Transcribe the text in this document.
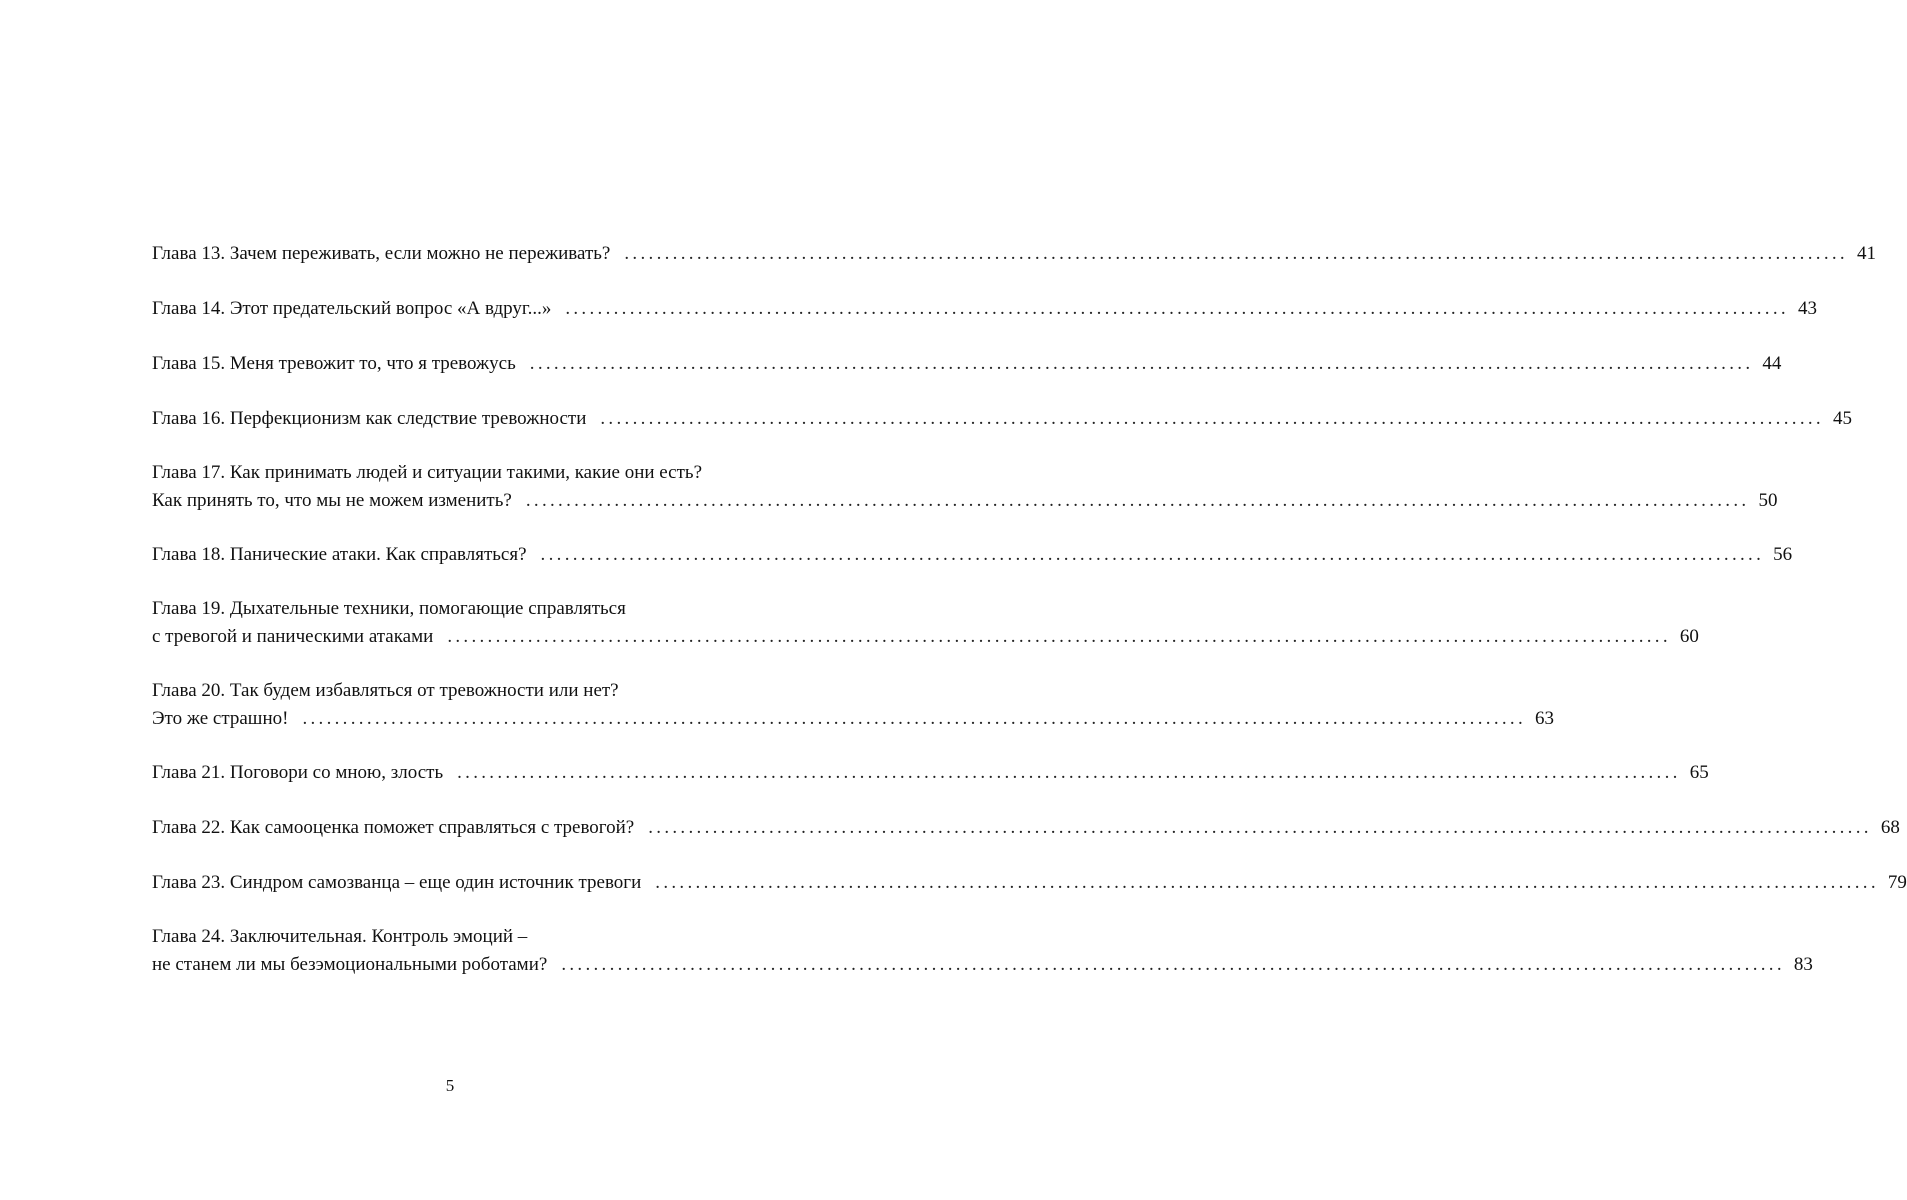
Глава 13. Зачем переживать, если можно не переживать? ........................................................................................................................................................ 41
Глава 14. Этот предательский вопрос «А вдруг...» ........................................................................................................................................................ 43
Глава 15. Меня тревожит то, что я тревожусь ........................................................................................................................................................ 44
Глава 16. Перфекционизм как следствие тревожности ........................................................................................................................................................ 45
Глава 17. Как принимать людей и ситуации такими, какие они есть?
Как принять то, что мы не можем изменить? ........................................................................................................................................................ 50
Глава 18. Панические атаки. Как справляться? ........................................................................................................................................................ 56
Глава 19. Дыхательные техники, помогающие справляться
с тревогой и паническими атаками ........................................................................................................................................................ 60
Глава 20. Так будем избавляться от тревожности или нет?
Это же страшно! ........................................................................................................................................................ 63
Глава 21. Поговори со мною, злость ........................................................................................................................................................ 65
Глава 22. Как самооценка поможет справляться с тревогой? ........................................................................................................................................................ 68
Глава 23. Синдром самозванца – еще один источник тревоги ........................................................................................................................................................ 79
Глава 24. Заключительная. Контроль эмоций –
не станем ли мы безэмоциональными роботами? ........................................................................................................................................................ 83
5
